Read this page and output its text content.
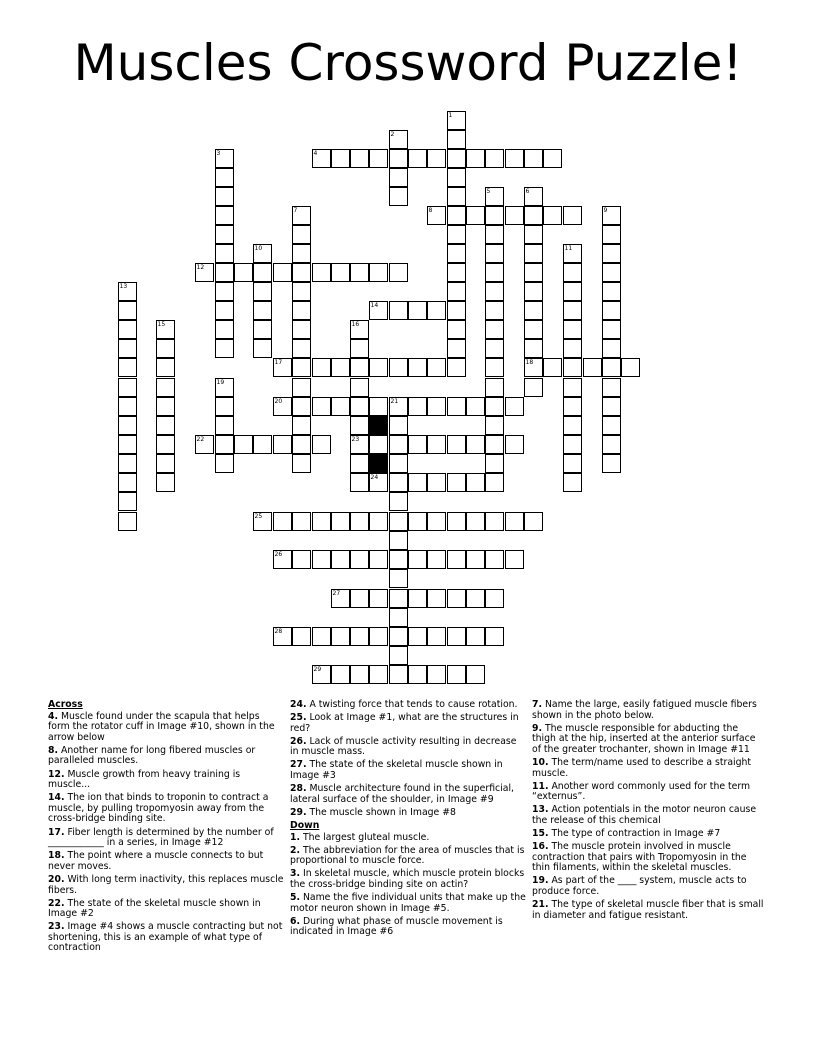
Muscles Crossword Puzzle!
1
2
3	4
5	6
7	8	9
10	11
12
13
14
15	16
17	18
19
20	21
22	23
24
25
26
27
28
29
Across
4. Muscle found under the scapula that helps form the rotator cuff in Image #10, shown in the arrow below
8. Another name for long fibered muscles or paralleled muscles.
12. Muscle growth from heavy training is muscle...
14. The ion that binds to troponin to contract a muscle, by pulling tropomyosin away from the cross-bridge binding site.
17. Fiber length is determined by the number of ____________ in a series, in Image #12
18. The point where a muscle connects to but never moves.
20. With long term inactivity, this replaces muscle fibers.
22. The state of the skeletal muscle shown in Image #2
23. Image #4 shows a muscle contracting but not shortening, this is an example of what type of contraction
24. A twisting force that tends to cause rotation.
25. Look at Image #1, what are the structures in red?
26. Lack of muscle activity resulting in decrease in muscle mass.
27. The state of the skeletal muscle shown in Image #3
28. Muscle architecture found in the superficial, lateral surface of the shoulder, in Image #9
29. The muscle shown in Image #8
Down
1. The largest gluteal muscle.
2. The abbreviation for the area of muscles that is proportional to muscle force.
3. In skeletal muscle, which muscle protein blocks the cross-bridge binding site on actin?
5. Name the five individual units that make up the motor neuron shown in Image #5.
6. During what phase of muscle movement is indicated in Image #6
7. Name the large, easily fatigued muscle fibers shown in the photo below.
9. The muscle responsible for abducting the thigh at the hip, inserted at the anterior surface of the greater trochanter, shown in Image #11
10. The term/name used to describe a straight muscle.
11. Another word commonly used for the term “externus”.
13. Action potentials in the motor neuron cause the release of this chemical
15. The type of contraction in Image #7
16. The muscle protein involved in muscle contraction that pairs with Tropomyosin in the thin filaments, within the skeletal muscles.
19. As part of the ____ system, muscle acts to produce force.
21. The type of skeletal muscle fiber that is small in diameter and fatigue resistant.
